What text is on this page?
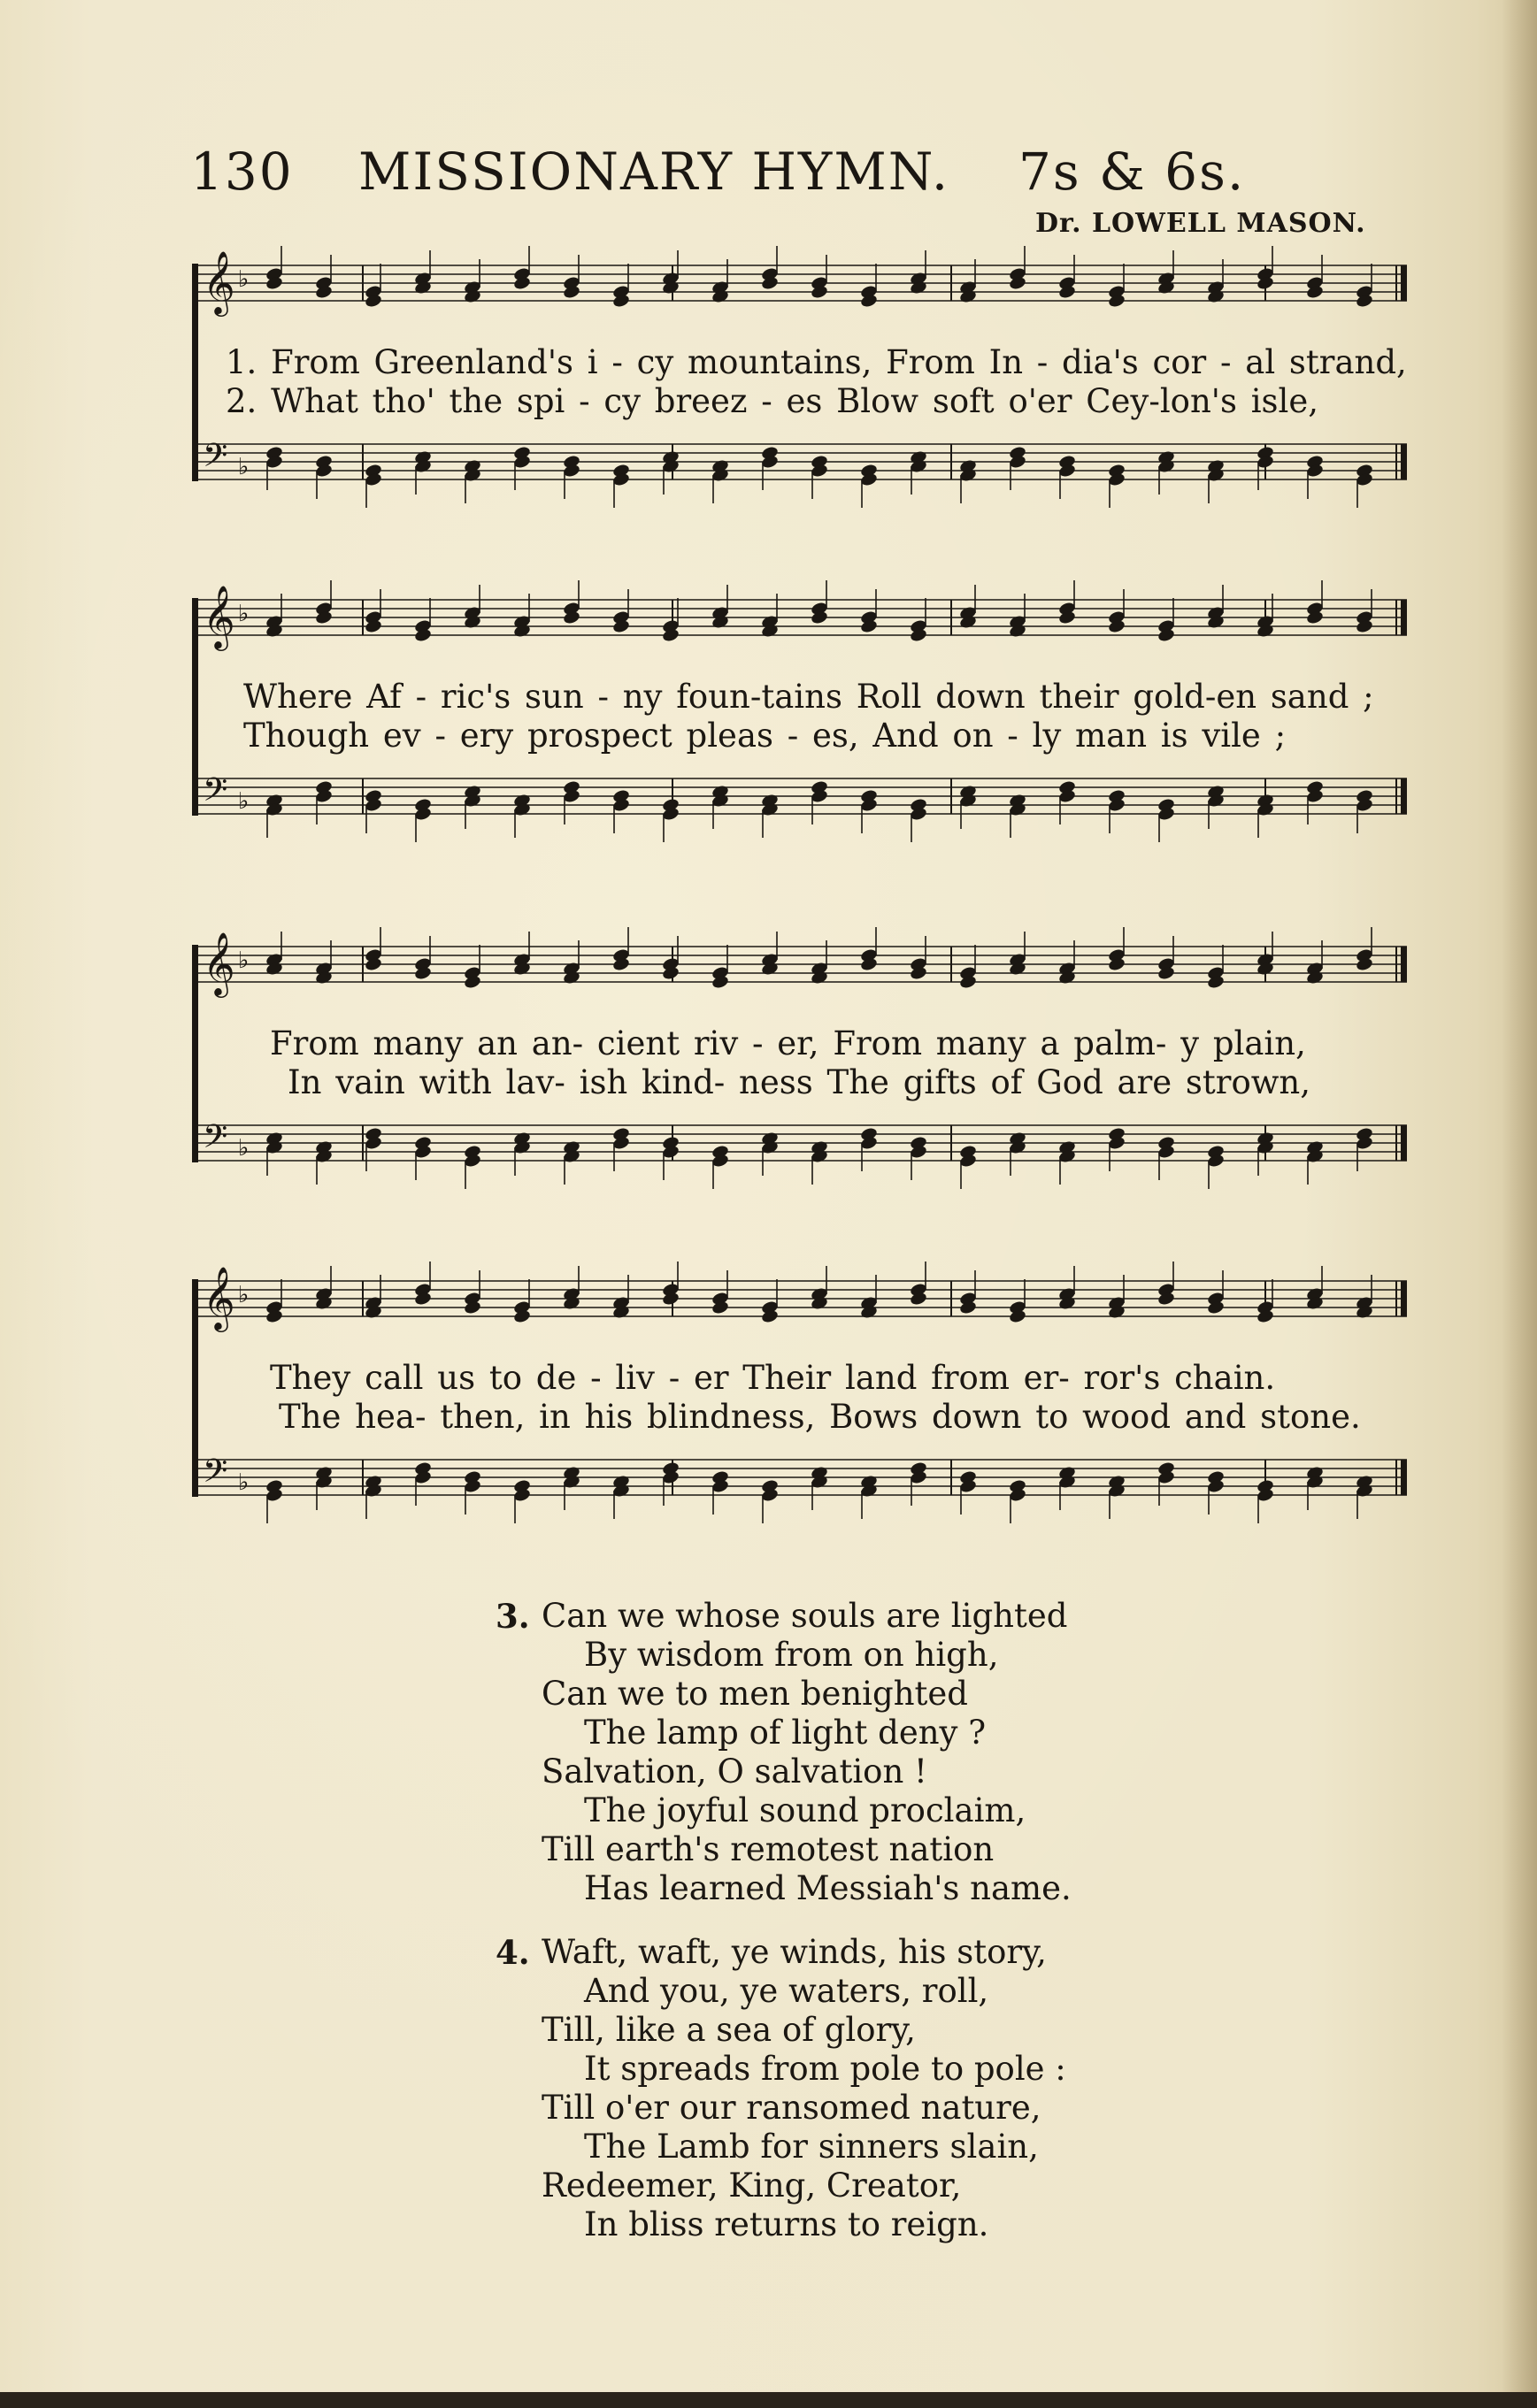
130 MISSIONARY HYMN. 7s & 6s.
Dr. LOWELL MASON.
𝄞 ♭
𝄢 ♭
1. From Greenland's i - cy mountains, From In - dia's cor - al strand,
2. What tho' the spi - cy breez - es Blow soft o'er Cey-lon's isle,
𝄞 ♭
𝄢 ♭
Where Af - ric's sun - ny foun-tains Roll down their gold-en sand ;
Though ev - ery prospect pleas - es, And on - ly man is vile ;
𝄞 ♭
𝄢 ♭
From many an an- cient riv - er, From many a palm- y plain,
In vain with lav- ish kind- ness The gifts of God are strown,
𝄞 ♭
𝄢 ♭
They call us to de - liv - er Their land from er- ror's chain.
The hea- then, in his blindness, Bows down to wood and stone.
3. Can we whose souls are lighted
By wisdom from on high,
Can we to men benighted
The lamp of light deny ?
Salvation, O salvation !
The joyful sound proclaim,
Till earth's remotest nation
Has learned Messiah's name.
4. Waft, waft, ye winds, his story,
And you, ye waters, roll,
Till, like a sea of glory,
It spreads from pole to pole :
Till o'er our ransomed nature,
The Lamb for sinners slain,
Redeemer, King, Creator,
In bliss returns to reign.
